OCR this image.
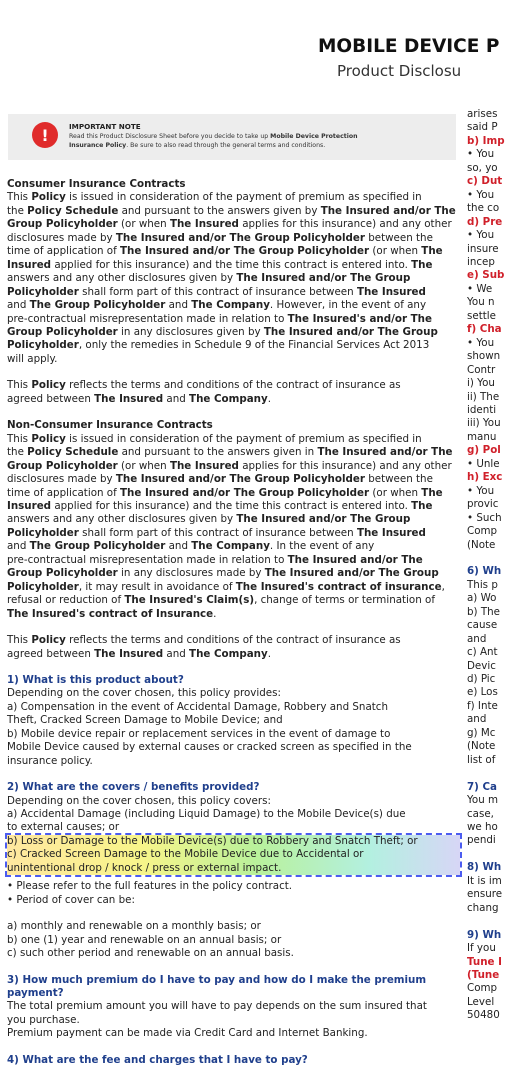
MOBILE DEVICE P
Product Disclosu
!	IMPORTANT NOTE
Read this Product Disclosure Sheet before you decide to take up Mobile Device Protection
Insurance Policy. Be sure to also read through the general terms and conditions.

Consumer Insurance Contracts

This Policy is issued in consideration of the payment of premium as specified in

the Policy Schedule and pursuant to the answers given by The Insured and/or The

Group Policyholder (or when The Insured applies for this insurance) and any other

disclosures made by The Insured and/or The Group Policyholder between the

time of application of The Insured and/or The Group Policyholder (or when The

Insured applied for this insurance) and the time this contract is entered into. The

answers and any other disclosures given by The Insured and/or The Group

Policyholder shall form part of this contract of insurance between The Insured

and The Group Policyholder and The Company. However, in the event of any

pre-contractual misrepresentation made in relation to The Insured's and/or The

Group Policyholder in any disclosures given by The Insured and/or The Group

Policyholder, only the remedies in Schedule 9 of the Financial Services Act 2013

will apply.

This Policy reflects the terms and conditions of the contract of insurance as

agreed between The Insured and The Company.

Non-Consumer Insurance Contracts

This Policy is issued in consideration of the payment of premium as specified in

the Policy Schedule and pursuant to the answers given in The Insured and/or The

Group Policyholder (or when The Insured applies for this insurance) and any other

disclosures made by The Insured and/or The Group Policyholder between the

time of application of The Insured and/or The Group Policyholder (or when The

Insured applied for this insurance) and the time this contract is entered into. The

answers and any other disclosures given by The Insured and/or The Group

Policyholder shall form part of this contract of insurance between The Insured

and The Group Policyholder and The Company. In the event of any

pre-contractual misrepresentation made in relation to The Insured and/or The

Group Policyholder in any disclosures made by The Insured and/or The Group

Policyholder, it may result in avoidance of The Insured's contract of insurance,

refusal or reduction of The Insured's Claim(s), change of terms or termination of

The Insured's contract of Insurance.

This Policy reflects the terms and conditions of the contract of insurance as

agreed between The Insured and The Company.

1) What is this product about?

Depending on the cover chosen, this policy provides:

a) Compensation in the event of Accidental Damage, Robbery and Snatch

Theft, Cracked Screen Damage to Mobile Device; and

b) Mobile device repair or replacement services in the event of damage to

Mobile Device caused by external causes or cracked screen as specified in the

insurance policy.

2) What are the covers / benefits provided?

Depending on the cover chosen, this policy covers:

a) Accidental Damage (including Liquid Damage) to the Mobile Device(s) due

to external causes; or

b) Loss or Damage to the Mobile Device(s) due to Robbery and Snatch Theft; or

c) Cracked Screen Damage to the Mobile Device due to Accidental or

unintentional drop / knock / press or external impact.

• Please refer to the full features in the policy contract.

• Period of cover can be:

a) monthly and renewable on a monthly basis; or

b) one (1) year and renewable on an annual basis; or

c) such other period and renewable on an annual basis.

3) How much premium do I have to pay and how do I make the premium

payment?

The total premium amount you will have to pay depends on the sum insured that

you purchase.

Premium payment can be made via Credit Card and Internet Banking.

4) What are the fee and charges that I have to pay?

arises

said P

b) Imp

• You

so, yo

c) Dut

• You

the co

d) Pre

• You

insure

incep

e) Sub

• We

You n

settle

f) Cha

• You

shown

Contr

i) You

ii) The

identi

iii) You

manu

g) Pol

• Unle

h) Exc

• You

provic

• Such

Comp

(Note

6) Wh

This p

a) Wo

b) The

cause

and

c) Ant

Devic

d) Pic

e) Los

f) Inte

and

g) Mc

(Note

list of

7) Ca

You m

case,

we ho

pendi

8) Wh

It is im

ensure

chang

9) Wh

If you

Tune I

(Tune

Comp

Level

50480
